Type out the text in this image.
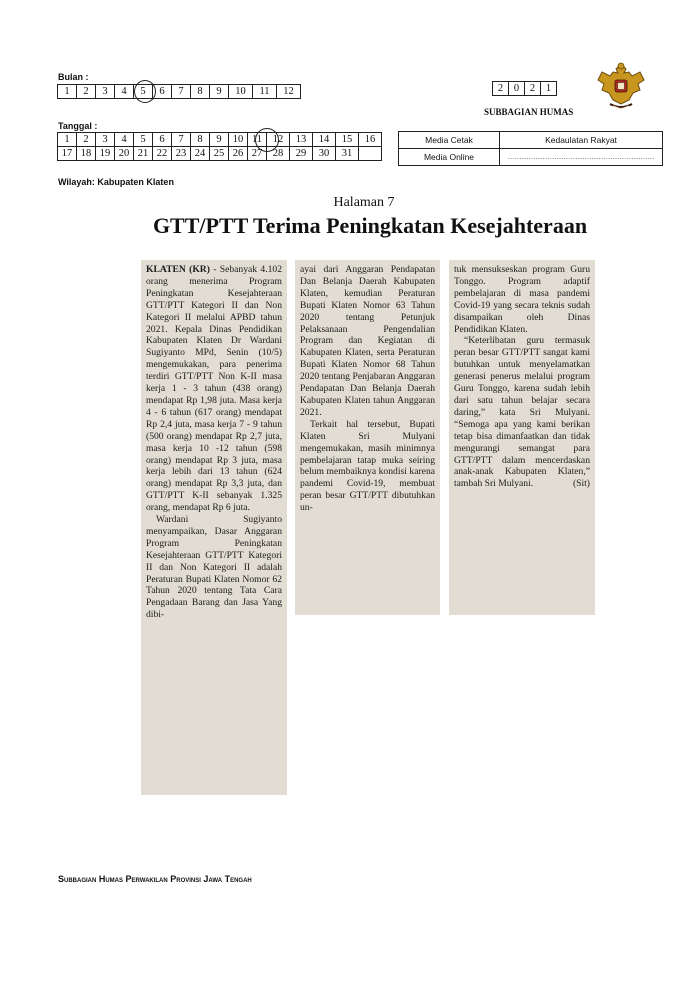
Bulan :
1	2	3	4	5	6	7	8	9	10	11	12
Tanggal :
1	2	3	4	5	6	7	8	9	10	11	12	13	14	15	16
17	18	19	20	21	22	23	24	25	26	27	28	29	30	31	
2	0	2	1
SUBBAGIAN HUMAS
Media Cetak	Kedaulatan Rakyat
Media Online	………………………………………………………
Wilayah: Kabupaten Klaten
Halaman 7
GTT/PTT Terima Peningkatan Kesejahteraan

KLATEN (KR) - Sebanyak 4.102 orang menerima Program Peningkatan Kesejahteraan GTT/PTT Kategori II dan Non Kategori II melalui APBD tahun 2021. Kepala Dinas Pendidikan Kabupaten Klaten Dr Wardani Sugiyanto MPd, Senin (10/5) mengemukakan, para penerima terdiri GTT/PTT Non K-II masa kerja 1 - 3 tahun (438 orang) mendapat Rp 1,98 juta. Masa kerja 4 - 6 tahun (617 orang) mendapat Rp 2,4 juta, masa kerja 7 - 9 tahun (500 orang) mendapat Rp 2,7 juta, masa kerja 10 -12 tahun (598 orang) mendapat Rp 3 juta, masa kerja lebih dari 13 tahun (624 orang) mendapat Rp 3,3 juta, dan GTT/PTT K-II sebanyak 1.325 orang, mendapat Rp 6 juta.

Wardani Sugiyanto menyampaikan, Dasar Anggaran Program Peningkatan Kesejahteraan GTT/PTT Kategori II dan Non Kategori II adalah Peraturan Bupati Klaten Nomor 62 Tahun 2020 tentang Tata Cara Pengadaan Barang dan Jasa Yang dibi-

ayai dari Anggaran Pendapatan Dan Belanja Daerah Kabupaten Klaten, kemudian Peraturan Bupati Klaten Nomor 63 Tahun 2020 tentang Petunjuk Pelaksanaan Pengendalian Program dan Kegiatan di Kabupaten Klaten, serta Peraturan Bupati Klaten Nomor 68 Tahun 2020 tentang Penjabaran Anggaran Pendapatan Dan Belanja Daerah Kabupaten Klaten tahun Anggaran 2021.

Terkait hal tersebut, Bupati Klaten Sri Mulyani mengemukakan, masih minimnya pembelajaran tatap muka seiring belum membaiknya kondisi karena pandemi Covid-19, membuat peran besar GTT/PTT dibutuhkan un-

tuk mensukseskan program Guru Tonggo. Program adaptif pembelajaran di masa pandemi Covid-19 yang secara teknis sudah disampaikan oleh Dinas Pendidikan Klaten.

“Keterlibatan guru termasuk peran besar GTT/PTT sangat kami butuhkan untuk menyelamatkan generasi penerus melalui program Guru Tonggo, karena sudah lebih dari satu tahun belajar secara daring,” kata Sri Mulyani. “Semoga apa yang kami berikan tetap bisa dimanfaatkan dan tidak mengurangi semangat para GTT/PTT dalam mencerdaskan anak-anak Kabupaten Klaten,” tambah Sri Mulyani.	(Sit)

Subbagian Humas Perwakilan Provinsi Jawa Tengah
